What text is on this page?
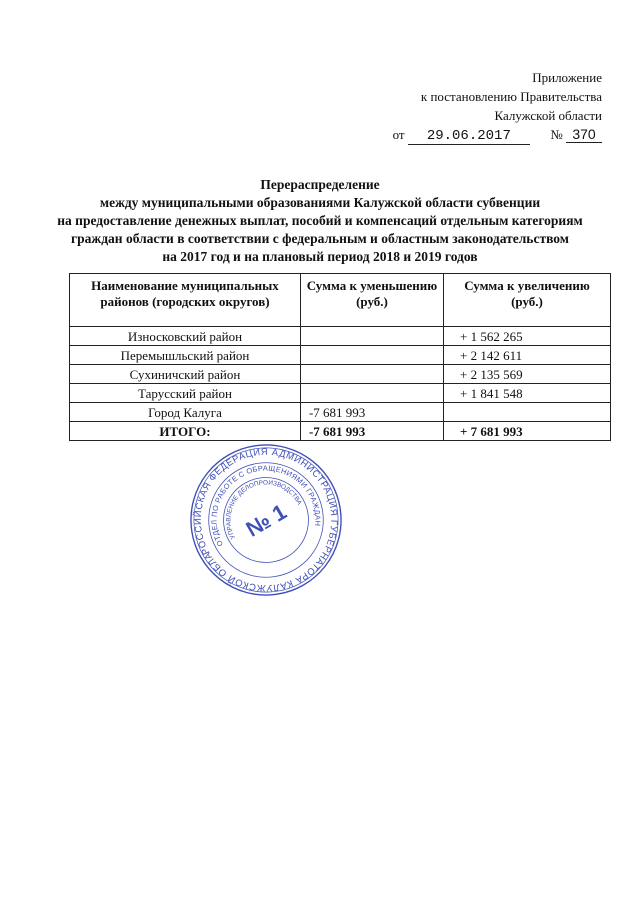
Приложение
к постановлению Правительства
Калужской области
от 29.06.2017	№ 370
Перераспределение
между муниципальными образованиями Калужской области субвенции
на предоставление денежных выплат, пособий и компенсаций отдельным категориям
граждан области в соответствии с федеральным и областным законодательством
на 2017 год и на плановый период 2018 и 2019 годов
Наименование муниципальных районов (городских округов)	Сумма к уменьшению (руб.)	Сумма к увеличению (руб.)
Износковский район		+ 1 562 265
Перемышльский район		+ 2 142 611
Сухиничский район		+ 2 135 569
Тарусский район		+ 1 841 548
Город Калуга	-7 681 993	
ИТОГО:	-7 681 993	+ 7 681 993
РОССИЙСКАЯ ФЕДЕРАЦИЯ АДМИНИСТРАЦИЯ ГУБЕРНАТОРА КАЛУЖСКОЙ ОБЛАСТИ
ОТДЕЛ ПО РАБОТЕ С ОБРАЩЕНИЯМИ ГРАЖДАН
УПРАВЛЕНИЕ ДЕЛОПРОИЗВОДСТВА
№ 1
